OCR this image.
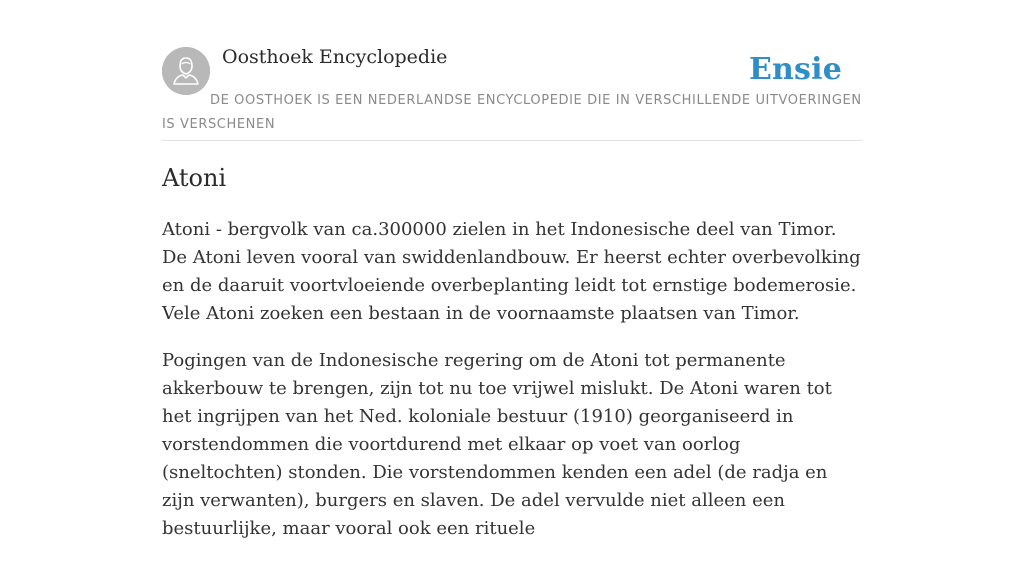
Oosthoek Encyclopedie	Ensie
DE OOSTHOEK IS EEN NEDERLANDSE ENCYCLOPEDIE DIE IN VERSCHILLENDE UITVOERINGEN IS VERSCHENEN
Atoni

Atoni - bergvolk van ca.300000 zielen in het Indonesische deel van Timor. De Atoni leven vooral van swiddenlandbouw. Er heerst echter overbevolking en de daaruit voortvloeiende overbeplanting leidt tot ernstige bodemerosie. Vele Atoni zoeken een bestaan in de voornaamste plaatsen van Timor.

Pogingen van de Indonesische regering om de Atoni tot permanente akkerbouw te brengen, zijn tot nu toe vrijwel mislukt. De Atoni waren tot het ingrijpen van het Ned. koloniale bestuur (1910) georganiseerd in vorstendommen die voortdurend met elkaar op voet van oorlog (sneltochten) stonden. Die vorstendommen kenden een adel (de radja en zijn verwanten), burgers en slaven. De adel vervulde niet alleen een bestuurlijke, maar vooral ook een rituele
